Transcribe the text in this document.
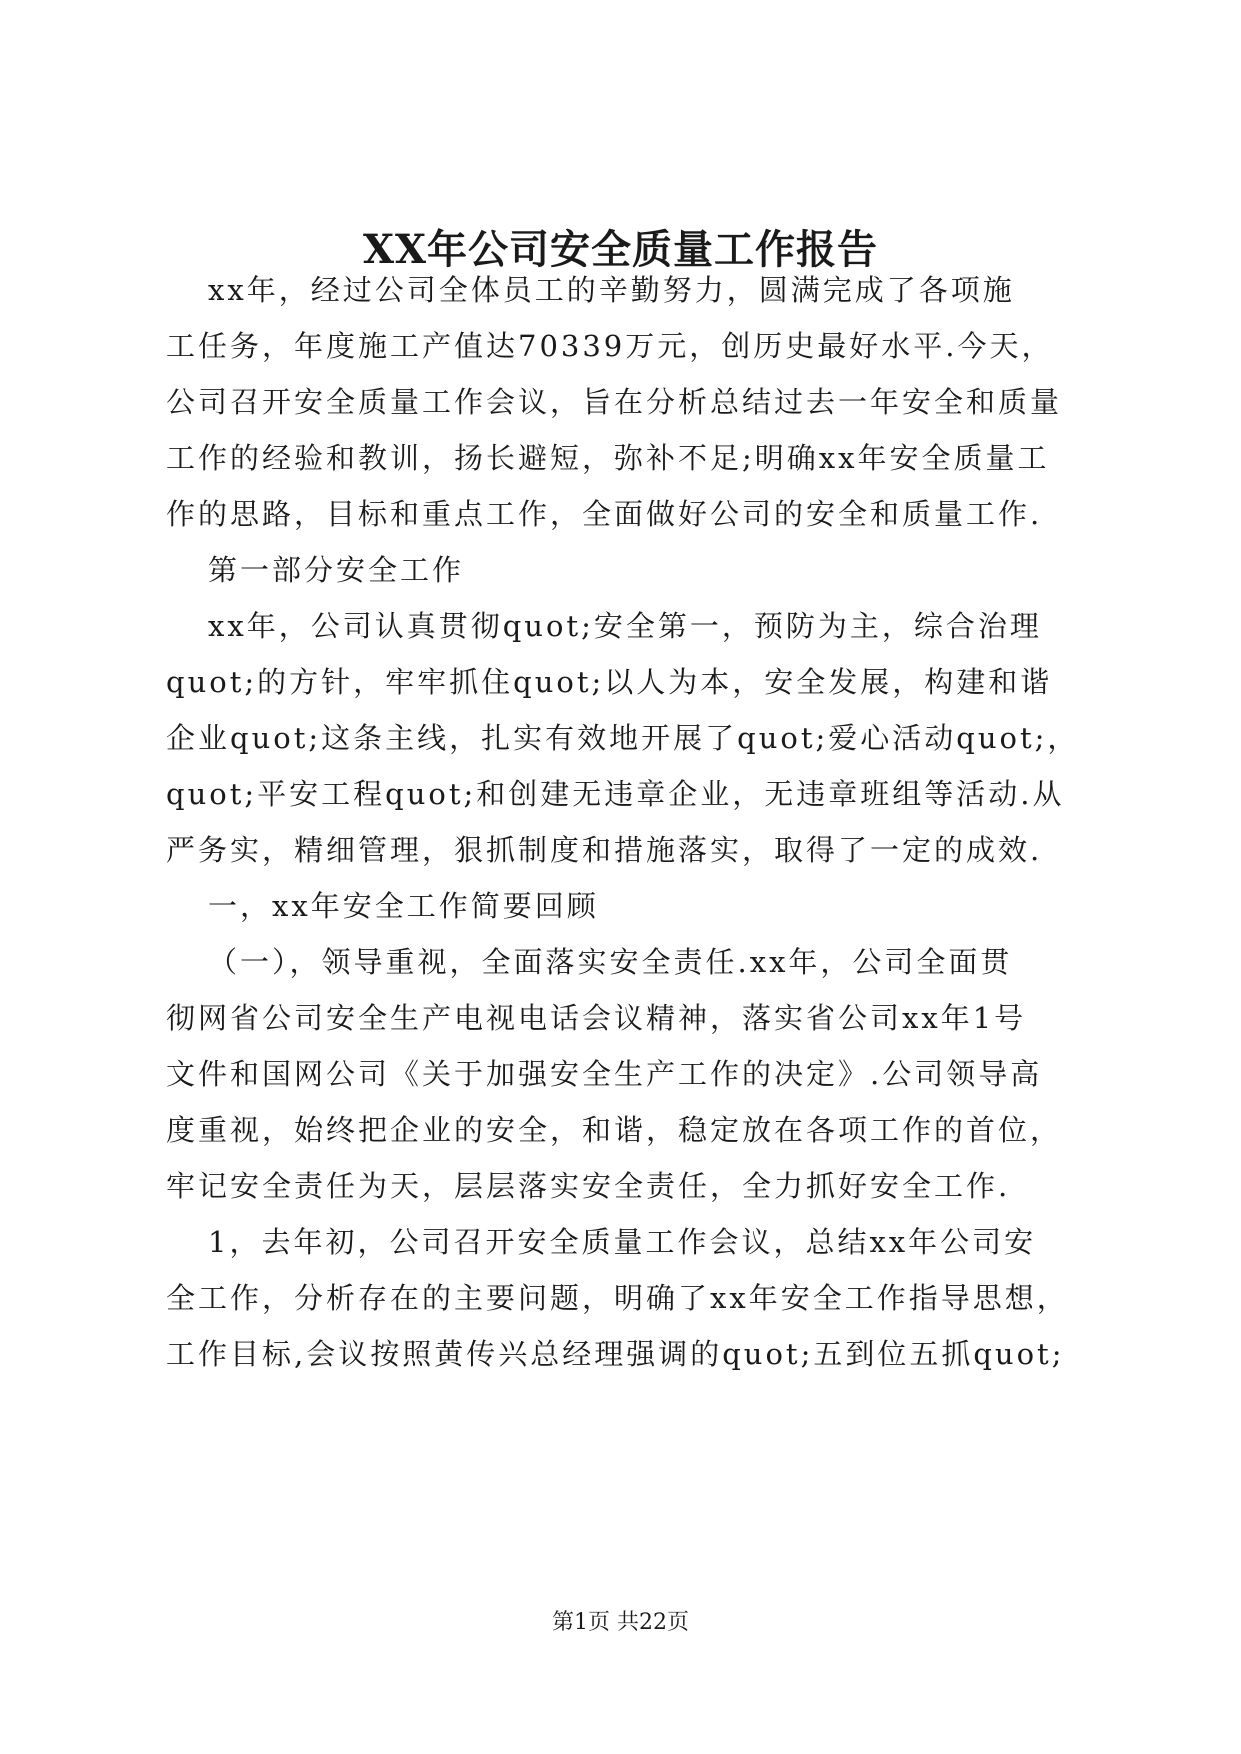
XX年公司安全质量工作报告
xx年，经过公司全体员工的辛勤努力，圆满完成了各项施
工任务，年度施工产值达70339万元，创历史最好水平.今天，
公司召开安全质量工作会议，旨在分析总结过去一年安全和质量
工作的经验和教训，扬长避短，弥补不足;明确xx年安全质量工
作的思路，目标和重点工作，全面做好公司的安全和质量工作.
第一部分安全工作
xx年，公司认真贯彻quot;安全第一，预防为主，综合治理
quot;的方针，牢牢抓住quot;以人为本，安全发展，构建和谐
企业quot;这条主线，扎实有效地开展了quot;爱心活动quot;，
quot;平安工程quot;和创建无违章企业，无违章班组等活动.从
严务实，精细管理，狠抓制度和措施落实，取得了一定的成效.
一，xx年安全工作简要回顾
（一），领导重视，全面落实安全责任.xx年，公司全面贯
彻网省公司安全生产电视电话会议精神，落实省公司xx年1号
文件和国网公司《关于加强安全生产工作的决定》.公司领导高
度重视，始终把企业的安全，和谐，稳定放在各项工作的首位，
牢记安全责任为天，层层落实安全责任，全力抓好安全工作.
1，去年初，公司召开安全质量工作会议，总结xx年公司安
全工作，分析存在的主要问题，明确了xx年安全工作指导思想，
工作目标,会议按照黄传兴总经理强调的quot;五到位五抓quot;
第1页 共22页
